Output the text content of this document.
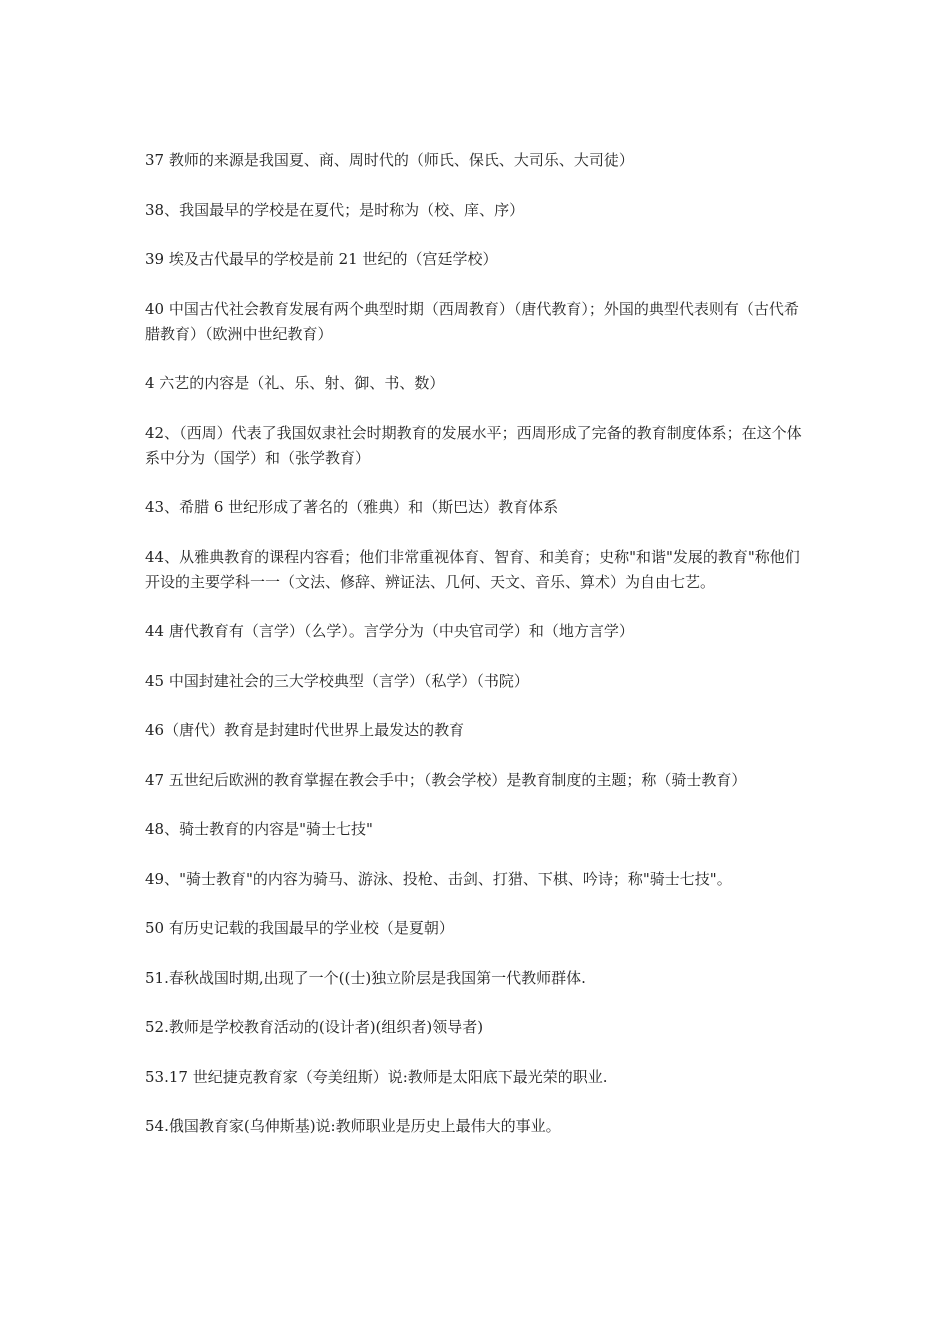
37 教师的来源是我国夏、商、周时代的（师氏、保氏、大司乐、大司徒）

38、我国最早的学校是在夏代；是时称为（校、庠、序）

39 埃及古代最早的学校是前 21 世纪的（宫廷学校）

40 中国古代社会教育发展有两个典型时期（西周教育）（唐代教育）；外国的典型代表则有（古代希腊教育）（欧洲中世纪教育）

4 六艺的内容是（礼、乐、射、御、书、数）

42、（西周）代表了我国奴隶社会时期教育的发展水平；西周形成了完备的教育制度体系；在这个体系中分为（国学）和（张学教育）

43、希腊 6 世纪形成了著名的（雅典）和（斯巴达）教育体系

44、从雅典教育的课程内容看；他们非常重视体育、智育、和美育；史称"和谐"发展的教育"称他们开设的主要学科一一（文法、修辞、辨证法、几何、天文、音乐、算术）为自由七艺。

44 唐代教育有（言学）（么学）。言学分为（中央官司学）和（地方言学）

45 中国封建社会的三大学校典型（言学）（私学）（书院）

46（唐代）教育是封建时代世界上最发达的教育

47 五世纪后欧洲的教育掌握在教会手中；（教会学校）是教育制度的主题；称（骑士教育）

48、骑士教育的内容是"骑士七技"

49、"骑士教育"的内容为骑马、游泳、投枪、击剑、打猎、下棋、吟诗；称"骑士七技"。

50 有历史记载的我国最早的学业校（是夏朝）

51.春秋战国时期,出现了一个((士)独立阶层是我国第一代教师群体.

52.教师是学校教育活动的(设计者)(组织者)领导者)

53.17 世纪捷克教育家（夸美纽斯）说:教师是太阳底下最光荣的职业.

54.俄国教育家(乌伸斯基)说:教师职业是历史上最伟大的事业。
